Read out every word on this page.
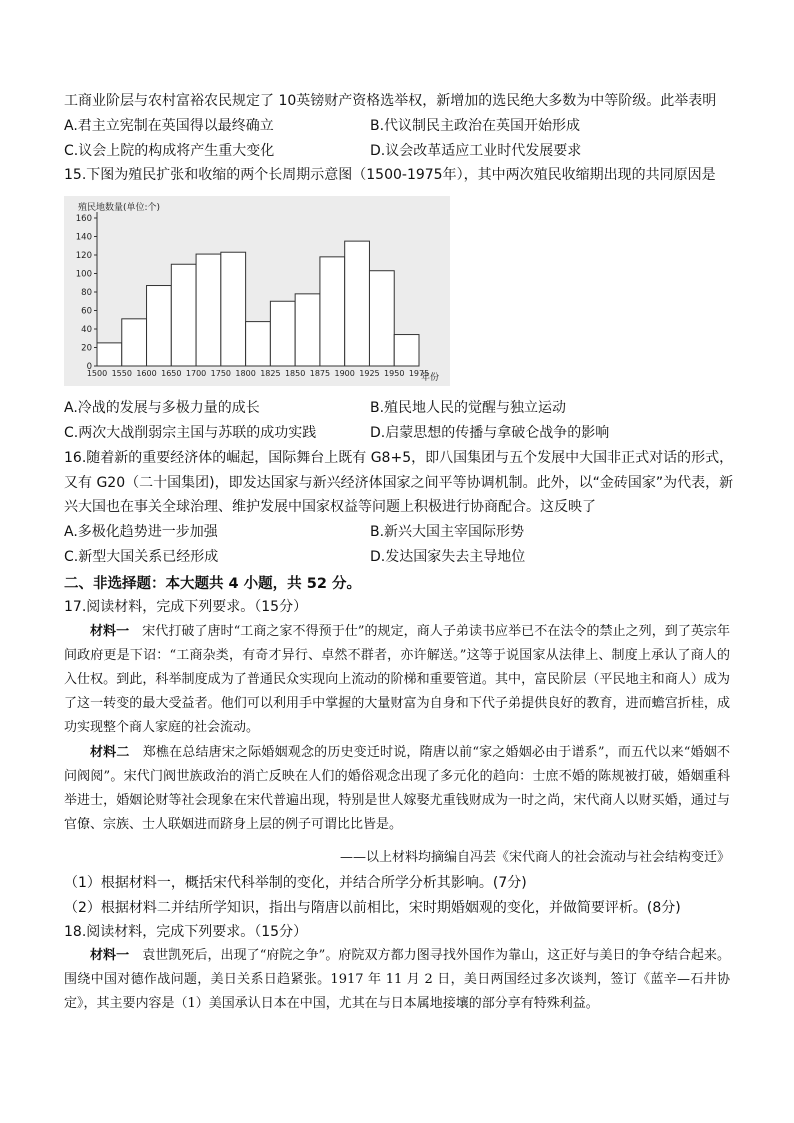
工商业阶层与农村富裕农民规定了 10英镑财产资格选举权，新增加的选民绝大多数为中等阶级。此举表明
A.君主立宪制在英国得以最终确立	B.代议制民主政治在英国开始形成
C.议会上院的构成将产生重大变化	D.议会改革适应工业时代发展要求
15.下图为殖民扩张和收缩的两个长周期示意图（1500-1975年），其中两次殖民收缩期出现的共同原因是
殖民地数量(单位:个)
0
20
40
60
80
100
120
140
160
1500 1550 1600 1650 1700 1750 1800 1825 1850 1875 1900 1925 1950 1975
年份
A.冷战的发展与多极力量的成长	B.殖民地人民的觉醒与独立运动
C.两次大战削弱宗主国与苏联的成功实践	D.启蒙思想的传播与拿破仑战争的影响
16.随着新的重要经济体的崛起，国际舞台上既有 G8+5，即八国集团与五个发展中大国非正式对话的形式，
又有 G20（二十国集团)，即发达国家与新兴经济体国家之间平等协调机制。此外，以“金砖国家”为代表，新
兴大国也在事关全球治理、维护发展中国家权益等问题上积极进行协商配合。这反映了
A.多极化趋势进一步加强	B.新兴大国主宰国际形势
C.新型大国关系已经形成	D.发达国家失去主导地位
二、非选择题：本大题共 4 小题，共 52 分。
17.阅读材料，完成下列要求。（15分）

材料一  宋代打破了唐时“工商之家不得预于仕”的规定，商人子弟读书应举已不在法令的禁止之列，到了英宗年间政府更是下诏：“工商杂类，有奇才异行、卓然不群者，亦许解送。”这等于说国家从法律上、制度上承认了商人的入仕权。到此，科举制度成为了普通民众实现向上流动的阶梯和重要管道。其中，富民阶层（平民地主和商人）成为了这一转变的最大受益者。他们可以利用手中掌握的大量财富为自身和下代子弟提供良好的教育，进而蟾宫折桂，成功实现整个商人家庭的社会流动。

材料二  郑樵在总结唐宋之际婚姻观念的历史变迁时说，隋唐以前“家之婚姻必由于谱系”，而五代以来“婚姻不问阀阅”。宋代门阀世族政治的消亡反映在人们的婚俗观念出现了多元化的趋向：士庶不婚的陈规被打破，婚姻重科举进士，婚姻论财等社会现象在宋代普遍出现，特别是世人嫁娶尤重钱财成为一时之尚，宋代商人以财买婚，通过与官僚、宗族、士人联姻进而跻身上层的例子可谓比比皆是。

——以上材料均摘编自冯芸《宋代商人的社会流动与社会结构变迁》
（1）根据材料一，概括宋代科举制的变化，并结合所学分析其影响。(7分)
（2）根据材料二并结所学知识，指出与隋唐以前相比，宋时期婚姻观的变化，并做简要评析。(8分)
18.阅读材料，完成下列要求。（15分）

材料一  袁世凯死后，出现了“府院之争”。府院双方都力图寻找外国作为靠山，这正好与美日的争夺结合起来。围绕中国对德作战问题，美日关系日趋紧张。1917 年 11 月 2 日，美日两国经过多次谈判，签订《蓝辛—石井协定》，其主要内容是（1）美国承认日本在中国，尤其在与日本属地接壤的部分享有特殊利益。
